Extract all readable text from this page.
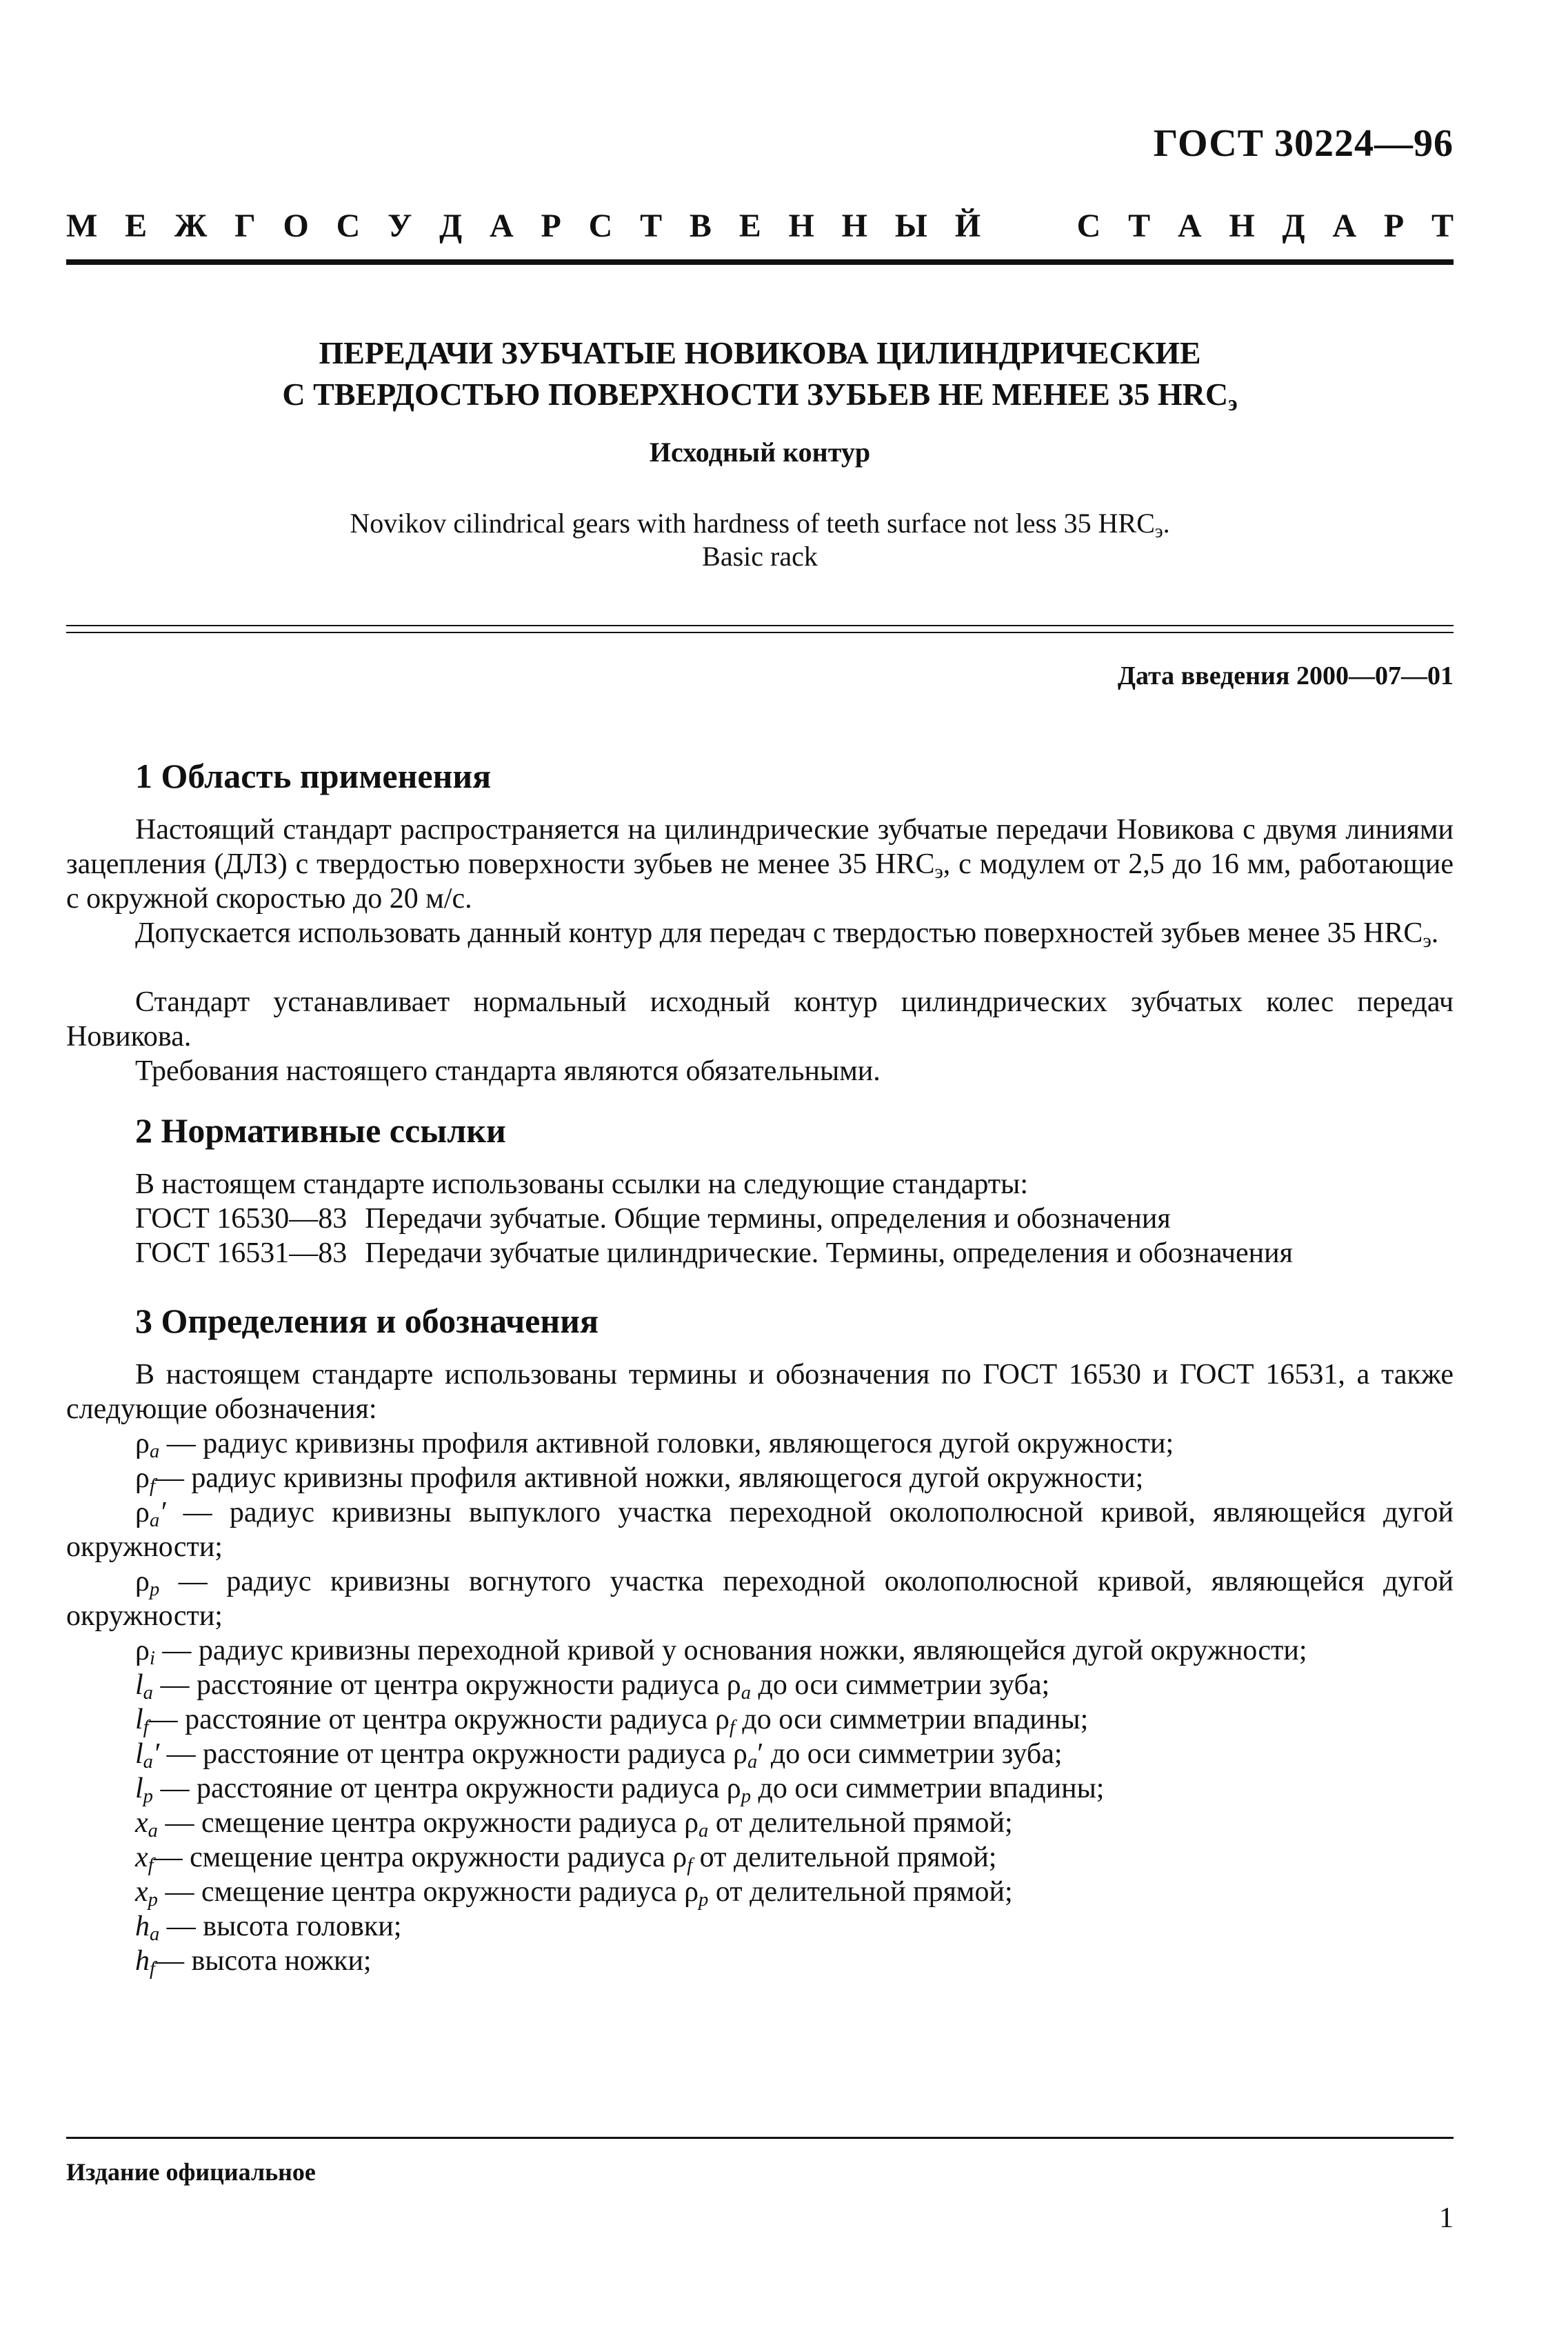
ГОСТ 30224—96
М Е Ж Г О С У Д А Р С Т В Е Н Н Ы Й	С Т А Н Д А Р Т
ПЕРЕДАЧИ ЗУБЧАТЫЕ НОВИКОВА ЦИЛИНДРИЧЕСКИЕ
С ТВЕРДОСТЬЮ ПОВЕРХНОСТИ ЗУБЬЕВ НЕ МЕНЕЕ 35 $HRC_э$
Исходный контур
Novikov cilindrical gears with hardness of teeth surface not less 35 $HRC_э$.
Basic rack
Дата введения 2000—07—01
1 Область применения

Настоящий стандарт распространяется на цилиндрические зубчатые передачи Новикова с двумя линиями зацепления (ДЛЗ) с твердостью поверхности зубьев не менее 35 $HRC_э$, с модулем от 2,5 до 16 мм, работающие с окружной скоростью до 20 м/с.

Допускается использовать данный контур для передач с твердостью поверхностей зубьев менее 35 $HRC_э$.

Стандарт устанавливает нормальный исходный контур цилиндрических зубчатых колес передач Новикова.

Требования настоящего стандарта являются обязательными.

2 Нормативные ссылки
В настоящем стандарте использованы ссылки на следующие стандарты:
ГОСТ 16530—83 Передачи зубчатые. Общие термины, определения и обозначения
ГОСТ 16531—83 Передачи зубчатые цилиндрические. Термины, определения и обозначения
3 Определения и обозначения

В настоящем стандарте использованы термины и обозначения по ГОСТ 16530 и ГОСТ 16531, а также следующие обозначения:

$\rho_a$ — радиус кривизны профиля активной головки, являющегося дугой окружности;

$\rho_f—$ радиус кривизны профиля активной ножки, являющегося дугой окружности;

$\rho_a'$ — радиус кривизны выпуклого участка переходной околополюсной кривой, являющейся дугой окружности;

$\rho_p$ — радиус кривизны вогнутого участка переходной околополюсной кривой, являющейся дугой окружности;

$\rho_i$ — радиус кривизны переходной кривой у основания ножки, являющейся дугой окружности;

$l_a$ — расстояние от центра окружности радиуса $\rho_a$ до оси симметрии зуба;

$l_f—$ расстояние от центра окружности радиуса $\rho_f$ до оси симметрии впадины;

$l_a'$ — расстояние от центра окружности радиуса $\rho_a'$ до оси симметрии зуба;

$l_p$ — расстояние от центра окружности радиуса $\rho_p$ до оси симметрии впадины;

$x_a$ — смещение центра окружности радиуса $\rho_a$ от делительной прямой;

$x_f—$ смещение центра окружности радиуса $\rho_f$ от делительной прямой;

$x_p$ — смещение центра окружности радиуса $\rho_p$ от делительной прямой;

$h_a$ — высота головки;

$h_f—$ высота ножки;

Издание официальное
1
